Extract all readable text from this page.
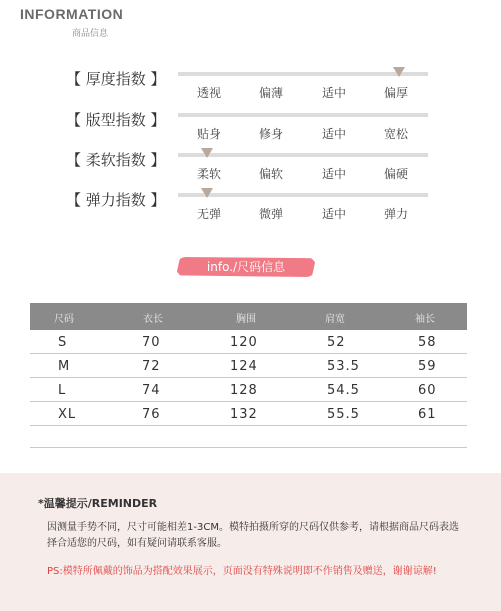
INFORMATION
商品信息
【 厚度指数 】
透视	偏薄	适中	偏厚
【 版型指数 】
贴身	修身	适中	宽松
【 柔软指数 】
柔软	偏软	适中	偏硬
【 弹力指数 】
无弹	微弹	适中	弹力
info./尺码信息
尺码	衣长	胸围	肩宽	袖长
S	70	120	52	58
M	72	124	53.5	59
L	74	128	54.5	60
XL	76	132	55.5	61
*温馨提示/REMINDER
因测量手势不同，尺寸可能相差1-3CM。模特拍摄所穿的尺码仅供参考，请根据商品尺码表选择合适您的尺码，如有疑问请联系客服。
PS:模特所佩戴的饰品为搭配效果展示，页面没有特殊说明即不作销售及赠送，谢谢谅解!
